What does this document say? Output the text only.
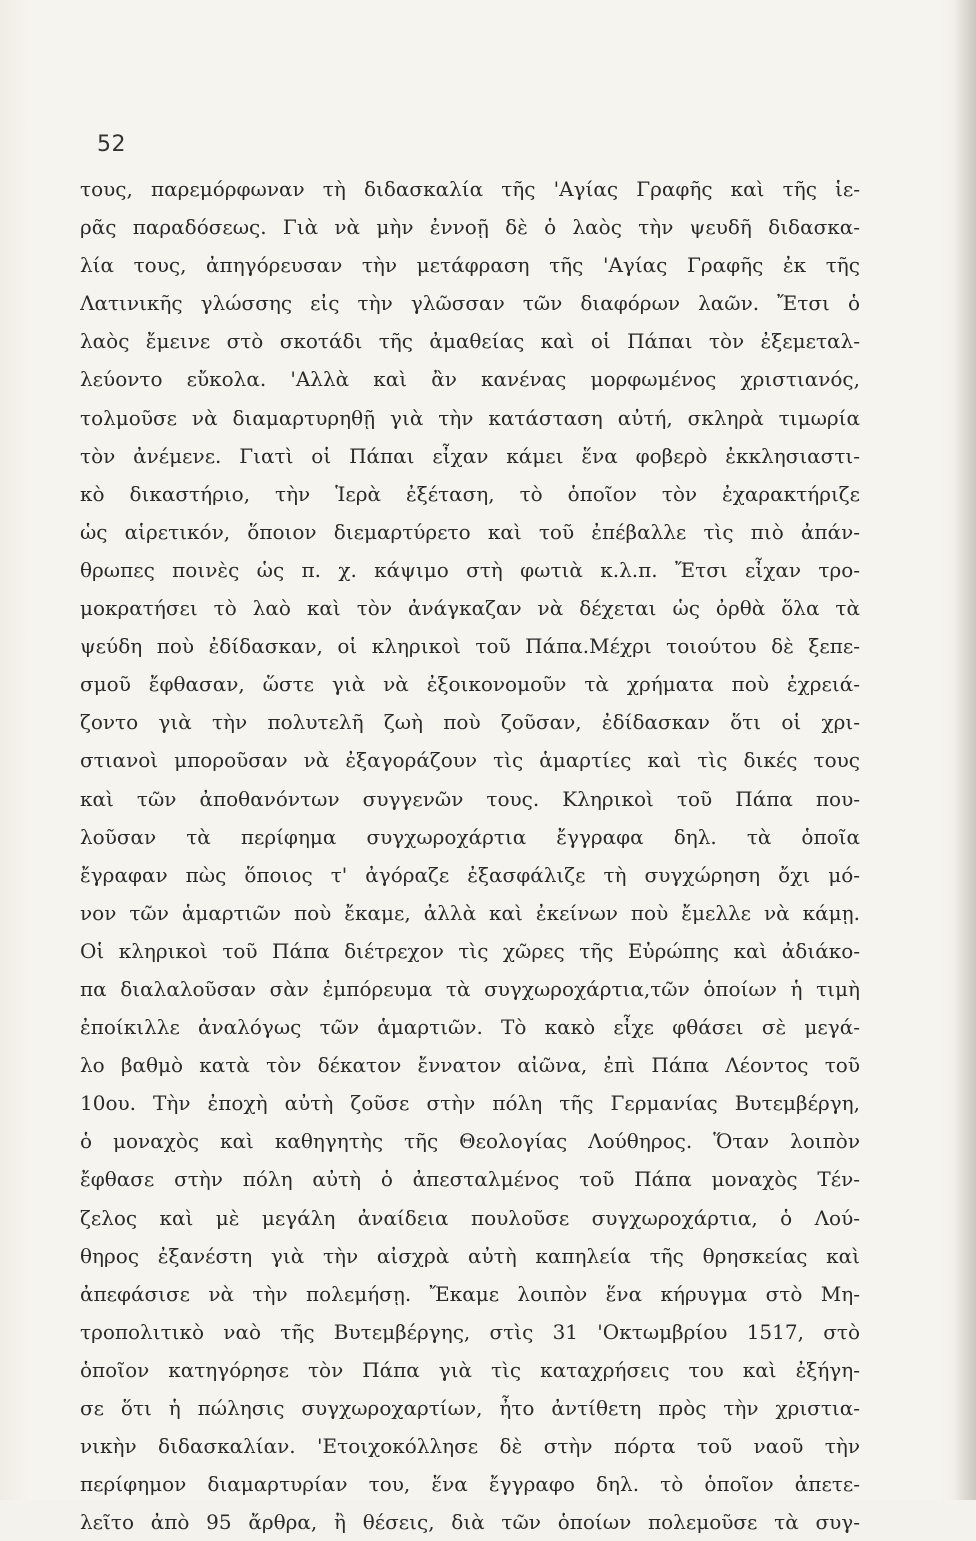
52
τους, παρεμόρφωναν τὴ διδασκαλία τῆς 'Αγίας Γραφῆς καὶ τῆς ἱε-
ρᾶς παραδόσεως. Γιὰ νὰ μὴν ἐννοῇ δὲ ὁ λαὸς τὴν ψευδῆ διδασκα-
λία τους, ἀπηγόρευσαν τὴν μετάφραση τῆς 'Αγίας Γραφῆς ἐκ τῆς
Λατινικῆς γλώσσης εἰς τὴν γλῶσσαν τῶν διαφόρων λαῶν. Ἔτσι ὁ
λαὸς ἔμεινε στὸ σκοτάδι τῆς ἀμαθείας καὶ οἱ Πάπαι τὸν ἐξεμεταλ-
λεύοντο εὔκολα. 'Αλλὰ καὶ ἂν κανένας μορφωμένος χριστιανός,
τολμοῦσε νὰ διαμαρτυρηθῇ γιὰ τὴν κατάσταση αὐτή, σκληρὰ τιμωρία
τὸν ἀνέμενε. Γιατὶ οἱ Πάπαι εἶχαν κάμει ἕνα φοβερὸ ἐκκλησιαστι-
κὸ δικαστήριο, τὴν Ἱερὰ ἐξέταση, τὸ ὁποῖον τὸν ἐχαρακτήριζε
ὡς αἱρετικόν, ὅποιον διεμαρτύρετο καὶ τοῦ ἐπέβαλλε τὶς πιὸ ἀπάν-
θρωπες ποινὲς ὡς π. χ. κάψιμο στὴ φωτιὰ κ.λ.π. Ἔτσι εἶχαν τρο-
μοκρατήσει τὸ λαὸ καὶ τὸν ἀνάγκαζαν νὰ δέχεται ὡς ὀρθὰ ὅλα τὰ
ψεύδη ποὺ ἐδίδασκαν, οἱ κληρικοὶ τοῦ Πάπα.Μέχρι τοιούτου δὲ ξεπε-
σμοῦ ἔφθασαν, ὥστε γιὰ νὰ ἐξοικονομοῦν τὰ χρήματα ποὺ ἐχρειά-
ζοντο γιὰ τὴν πολυτελῆ ζωὴ ποὺ ζοῦσαν, ἐδίδασκαν ὅτι οἱ χρι-
στιανοὶ μποροῦσαν νὰ ἐξαγοράζουν τὶς ἁμαρτίες καὶ τὶς δικές τους
καὶ τῶν ἀποθανόντων συγγενῶν τους. Κληρικοὶ τοῦ Πάπα που-
λοῦσαν τὰ περίφημα συγχωροχάρτια ἔγγραφα δηλ. τὰ ὁποῖα
ἔγραφαν πὼς ὅποιος τ' ἀγόραζε ἐξασφάλιζε τὴ συγχώρηση ὄχι μό-
νον τῶν ἁμαρτιῶν ποὺ ἔκαμε, ἀλλὰ καὶ ἐκείνων ποὺ ἔμελλε νὰ κάμῃ.
Οἱ κληρικοὶ τοῦ Πάπα διέτρεχον τὶς χῶρες τῆς Εὐρώπης καὶ ἀδιάκο-
πα διαλαλοῦσαν σὰν ἐμπόρευμα τὰ συγχωροχάρτια,τῶν ὁποίων ἡ τιμὴ
ἐποίκιλλε ἀναλόγως τῶν ἁμαρτιῶν. Τὸ κακὸ εἶχε φθάσει σὲ μεγά-
λο βαθμὸ κατὰ τὸν δέκατον ἔννατον αἰῶνα, ἐπὶ Πάπα Λέοντος τοῦ
10ου. Τὴν ἐποχὴ αὐτὴ ζοῦσε στὴν πόλη τῆς Γερμανίας Βυτεμβέργη,
ὁ μοναχὸς καὶ καθηγητὴς τῆς Θεολογίας Λούθηρος. Ὅταν λοιπὸν
ἔφθασε στὴν πόλη αὐτὴ ὁ ἀπεσταλμένος τοῦ Πάπα μοναχὸς Τέν-
ζελος καὶ μὲ μεγάλη ἀναίδεια πουλοῦσε συγχωροχάρτια, ὁ Λού-
θηρος ἐξανέστη γιὰ τὴν αἰσχρὰ αὐτὴ καπηλεία τῆς θρησκείας καὶ
ἀπεφάσισε νὰ τὴν πολεμήσῃ. Ἔκαμε λοιπὸν ἕνα κήρυγμα στὸ Μη-
τροπολιτικὸ ναὸ τῆς Βυτεμβέργης, στὶς 31 'Οκτωμβρίου 1517, στὸ
ὁποῖον κατηγόρησε τὸν Πάπα γιὰ τὶς καταχρήσεις του καὶ ἐξήγη-
σε ὅτι ἡ πώλησις συγχωροχαρτίων, ἦτο ἀντίθετη πρὸς τὴν χριστια-
νικὴν διδασκαλίαν. 'Ετοιχοκόλλησε δὲ στὴν πόρτα τοῦ ναοῦ τὴν
περίφημον διαμαρτυρίαν του, ἕνα ἔγγραφο δηλ. τὸ ὁποῖον ἀπετε-
λεῖτο ἀπὸ 95 ἄρθρα, ἢ θέσεις, διὰ τῶν ὁποίων πολεμοῦσε τὰ συγ-
